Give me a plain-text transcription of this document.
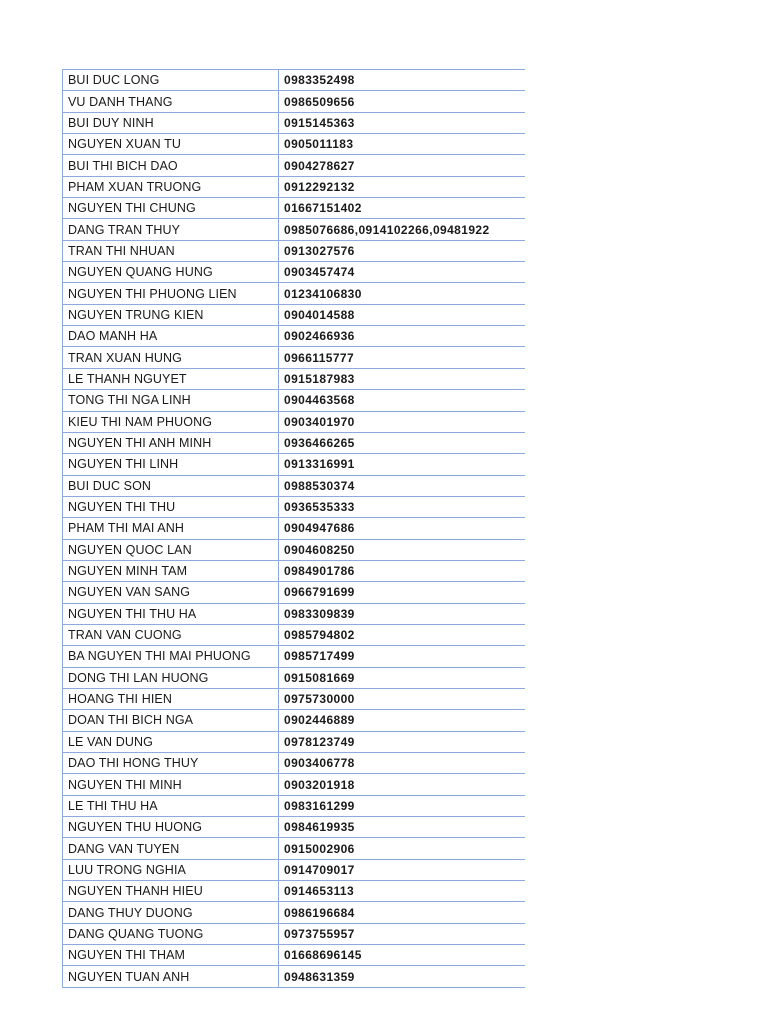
BUI DUC LONG	0983352498
VU DANH THANG	0986509656
BUI DUY NINH	0915145363
NGUYEN XUAN TU	0905011183
BUI THI BICH DAO	0904278627
PHAM XUAN TRUONG	0912292132
NGUYEN THI CHUNG	01667151402
DANG TRAN THUY	0985076686,0914102266,09481922
TRAN THI NHUAN	0913027576
NGUYEN QUANG HUNG	0903457474
NGUYEN THI PHUONG LIEN	01234106830
NGUYEN TRUNG KIEN	0904014588
DAO MANH HA	0902466936
TRAN XUAN HUNG	0966115777
LE THANH NGUYET	0915187983
TONG THI NGA LINH	0904463568
KIEU THI NAM PHUONG	0903401970
NGUYEN THI ANH MINH	0936466265
NGUYEN THI LINH	0913316991
BUI DUC SON	0988530374
NGUYEN THI THU	0936535333
PHAM THI MAI ANH	0904947686
NGUYEN QUOC LAN	0904608250
NGUYEN MINH TAM	0984901786
NGUYEN VAN SANG	0966791699
NGUYEN THI THU HA	0983309839
TRAN VAN CUONG	0985794802
BA NGUYEN THI MAI PHUONG	0985717499
DONG THI LAN HUONG	0915081669
HOANG THI HIEN	0975730000
DOAN THI BICH NGA	0902446889
LE VAN DUNG	0978123749
DAO THI HONG THUY	0903406778
NGUYEN THI MINH	0903201918
LE THI THU HA	0983161299
NGUYEN THU HUONG	0984619935
DANG VAN TUYEN	0915002906
LUU TRONG NGHIA	0914709017
NGUYEN THANH HIEU	0914653113
DANG THUY DUONG	0986196684
DANG QUANG TUONG	0973755957
NGUYEN THI THAM	01668696145
NGUYEN TUAN ANH	0948631359
